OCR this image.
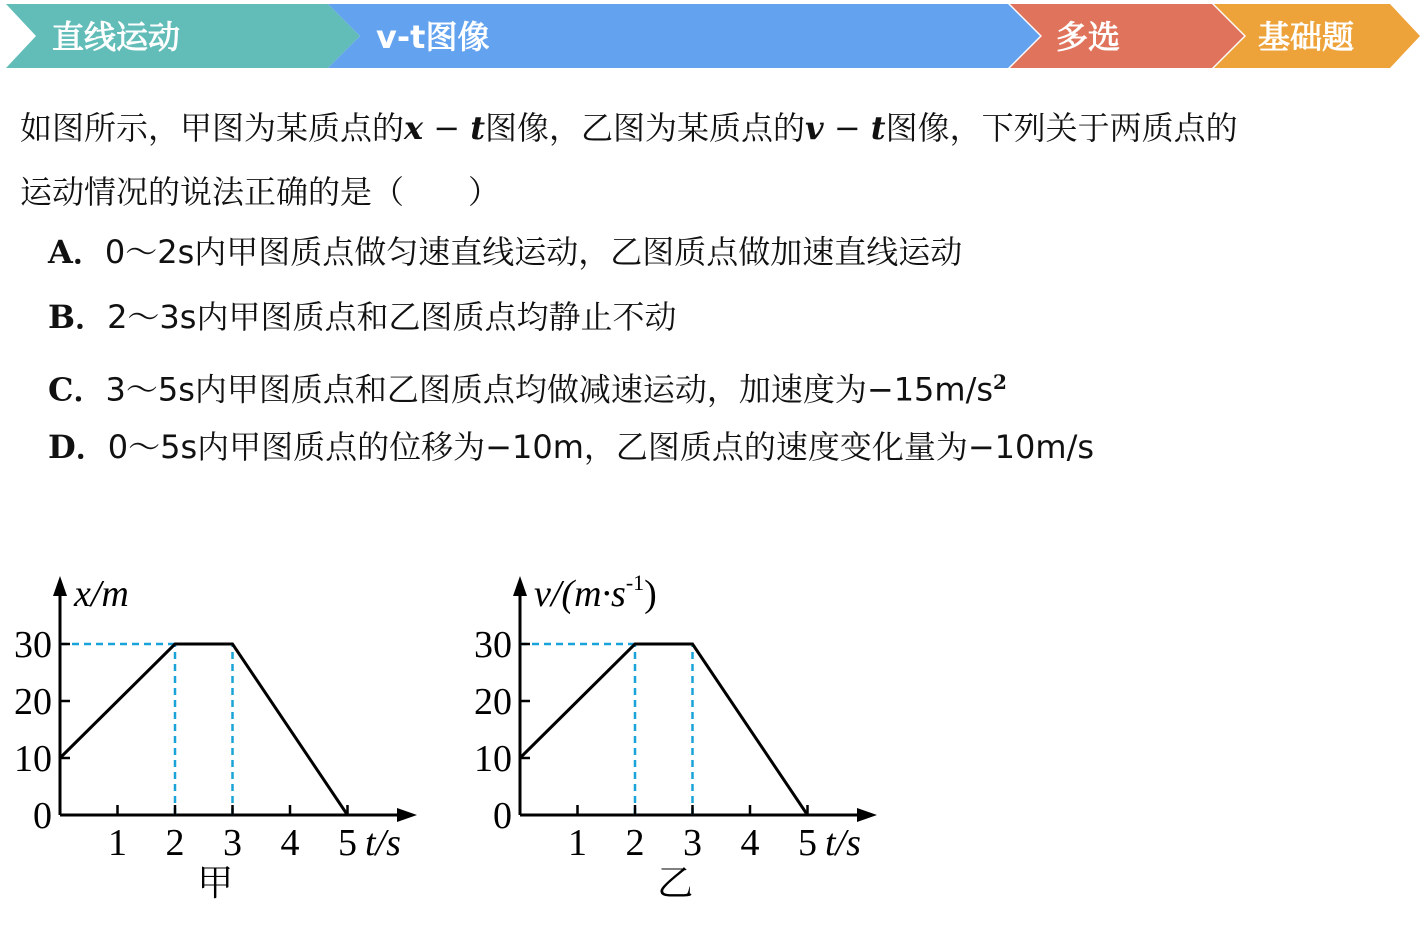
直线运动	v-t图像	多选	基础题
如图所示，甲图为某质点的x − t图像，乙图为某质点的v − t图像，下列关于两质点的
运动情况的说法正确的是（　　）
A．0～2s内甲图质点做匀速直线运动，乙图质点做加速直线运动
B．2～3s内甲图质点和乙图质点均静止不动
C．3～5s内甲图质点和乙图质点均做减速运动，加速度为$-15m/s^2$
D．0～5s内甲图质点的位移为−10m，乙图质点的速度变化量为−10m/s
1 2 3 4 5
0
10
20
30
x/m
t/s
甲
1 2 3 4 5
0
10
20
30
$v/(m\cdot s^{-1})$
t/s
乙
